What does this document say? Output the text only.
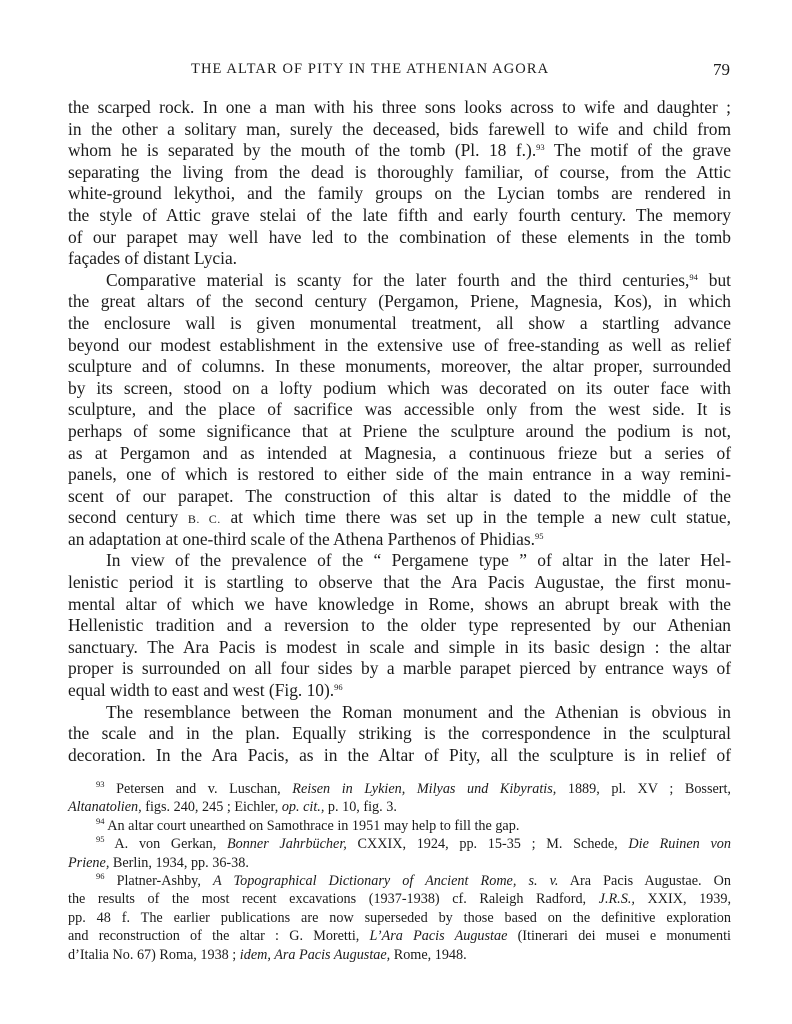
THE ALTAR OF PITY IN THE ATHENIAN AGORA	79
the scarped rock. In one a man with his three sons looks across to wife and daughter ;
in the other a solitary man, surely the deceased, bids farewell to wife and child from
whom he is separated by the mouth of the tomb (Pl. 18 f.).$^{93}$ The motif of the grave
separating the living from the dead is thoroughly familiar, of course, from the Attic
white-ground lekythoi, and the family groups on the Lycian tombs are rendered in
the style of Attic grave stelai of the late fifth and early fourth century. The memory
of our parapet may well have led to the combination of these elements in the tomb
façades of distant Lycia.
Comparative material is scanty for the later fourth and the third centuries,$^{94}$ but
the great altars of the second century (Pergamon, Priene, Magnesia, Kos), in which
the enclosure wall is given monumental treatment, all show a startling advance
beyond our modest establishment in the extensive use of free-standing as well as relief
sculpture and of columns. In these monuments, moreover, the altar proper, surrounded
by its screen, stood on a lofty podium which was decorated on its outer face with
sculpture, and the place of sacrifice was accessible only from the west side. It is
perhaps of some significance that at Priene the sculpture around the podium is not,
as at Pergamon and as intended at Magnesia, a continuous frieze but a series of
panels, one of which is restored to either side of the main entrance in a way remini-
scent of our parapet. The construction of this altar is dated to the middle of the
second century B. C. at which time there was set up in the temple a new cult statue,
an adaptation at one-third scale of the Athena Parthenos of Phidias.$^{95}$
In view of the prevalence of the “ Pergamene type ” of altar in the later Hel-
lenistic period it is startling to observe that the Ara Pacis Augustae, the first monu-
mental altar of which we have knowledge in Rome, shows an abrupt break with the
Hellenistic tradition and a reversion to the older type represented by our Athenian
sanctuary. The Ara Pacis is modest in scale and simple in its basic design : the altar
proper is surrounded on all four sides by a marble parapet pierced by entrance ways of
equal width to east and west (Fig. 10).$^{96}$
The resemblance between the Roman monument and the Athenian is obvious in
the scale and in the plan. Equally striking is the correspondence in the sculptural
decoration. In the Ara Pacis, as in the Altar of Pity, all the sculpture is in relief of
$^{93}$ Petersen and v. Luschan, Reisen in Lykien, Milyas und Kibyratis, 1889, pl. XV ; Bossert,
Altanatolien, figs. 240, 245 ; Eichler, op. cit., p. 10, fig. 3.
$^{94}$ An altar court unearthed on Samothrace in 1951 may help to fill the gap.
$^{95}$ A. von Gerkan, Bonner Jahrbücher, CXXIX, 1924, pp. 15-35 ; M. Schede, Die Ruinen von
Priene, Berlin, 1934, pp. 36-38.
$^{96}$ Platner-Ashby, A Topographical Dictionary of Ancient Rome, s. v. Ara Pacis Augustae. On
the results of the most recent excavations (1937-1938) cf. Raleigh Radford, J.R.S., XXIX, 1939,
pp. 48 f. The earlier publications are now superseded by those based on the definitive exploration
and reconstruction of the altar : G. Moretti, L’Ara Pacis Augustae (Itinerari dei musei e monumenti
d’Italia No. 67) Roma, 1938 ; idem, Ara Pacis Augustae, Rome, 1948.
